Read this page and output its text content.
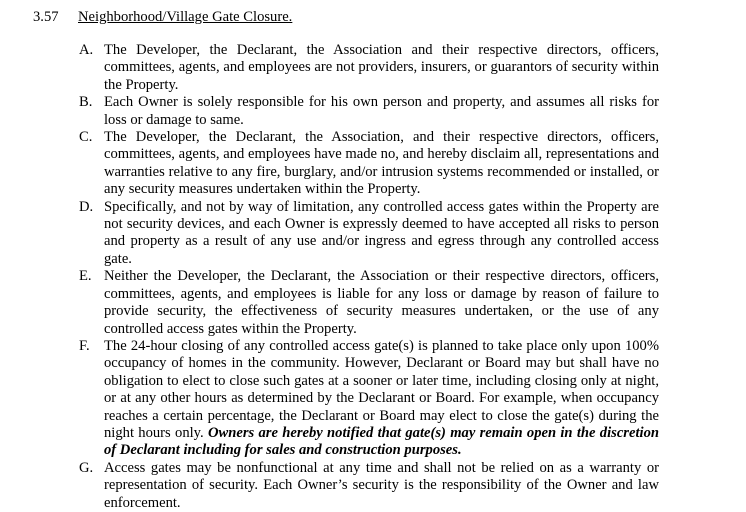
3.57 Neighborhood/Village Gate Closure.
A. The Developer, the Declarant, the Association and their respective directors, officers, committees, agents, and employees are not providers, insurers, or guarantors of security within the Property.
B. Each Owner is solely responsible for his own person and property, and assumes all risks for loss or damage to same.
C. The Developer, the Declarant, the Association, and their respective directors, officers, committees, agents, and employees have made no, and hereby disclaim all, representations and warranties relative to any fire, burglary, and/or intrusion systems recommended or installed, or any security measures undertaken within the Property.
D. Specifically, and not by way of limitation, any controlled access gates within the Property are not security devices, and each Owner is expressly deemed to have accepted all risks to person and property as a result of any use and/or ingress and egress through any controlled access gate.
E. Neither the Developer, the Declarant, the Association or their respective directors, officers, committees, agents, and employees is liable for any loss or damage by reason of failure to provide security, the effectiveness of security measures undertaken, or the use of any controlled access gates within the Property.
F. The 24-hour closing of any controlled access gate(s) is planned to take place only upon 100% occupancy of homes in the community. However, Declarant or Board may but shall have no obligation to elect to close such gates at a sooner or later time, including closing only at night, or at any other hours as determined by the Declarant or Board. For example, when occupancy reaches a certain percentage, the Declarant or Board may elect to close the gate(s) during the night hours only. Owners are hereby notified that gate(s) may remain open in the discretion of Declarant including for sales and construction purposes.
G. Access gates may be nonfunctional at any time and shall not be relied on as a warranty or representation of security. Each Owner’s security is the responsibility of the Owner and law enforcement.
